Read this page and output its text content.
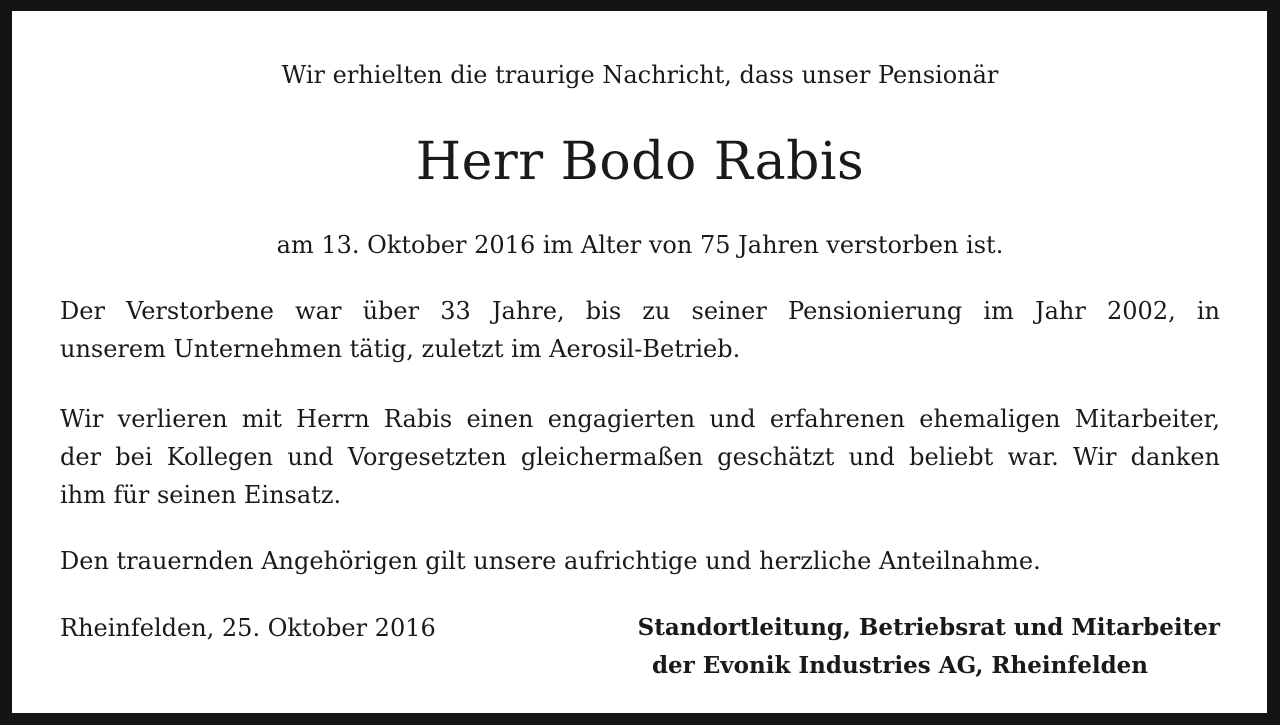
Wir erhielten die traurige Nachricht, dass unser Pensionär
Herr Bodo Rabis
am 13. Oktober 2016 im Alter von 75 Jahren verstorben ist.
Der Verstorbene war über 33 Jahre, bis zu seiner Pensionierung im Jahr 2002, in
unserem Unternehmen tätig, zuletzt im Aerosil-Betrieb.
Wir verlieren mit Herrn Rabis einen engagierten und erfahrenen ehemaligen Mitarbeiter,
der bei Kollegen und Vorgesetzten gleichermaßen geschätzt und beliebt war. Wir danken
ihm für seinen Einsatz.
Den trauernden Angehörigen gilt unsere aufrichtige und herzliche Anteilnahme.
Rheinfelden, 25. Oktober 2016	Standortleitung, Betriebsrat und Mitarbeiter
der Evonik Industries AG, Rheinfelden
